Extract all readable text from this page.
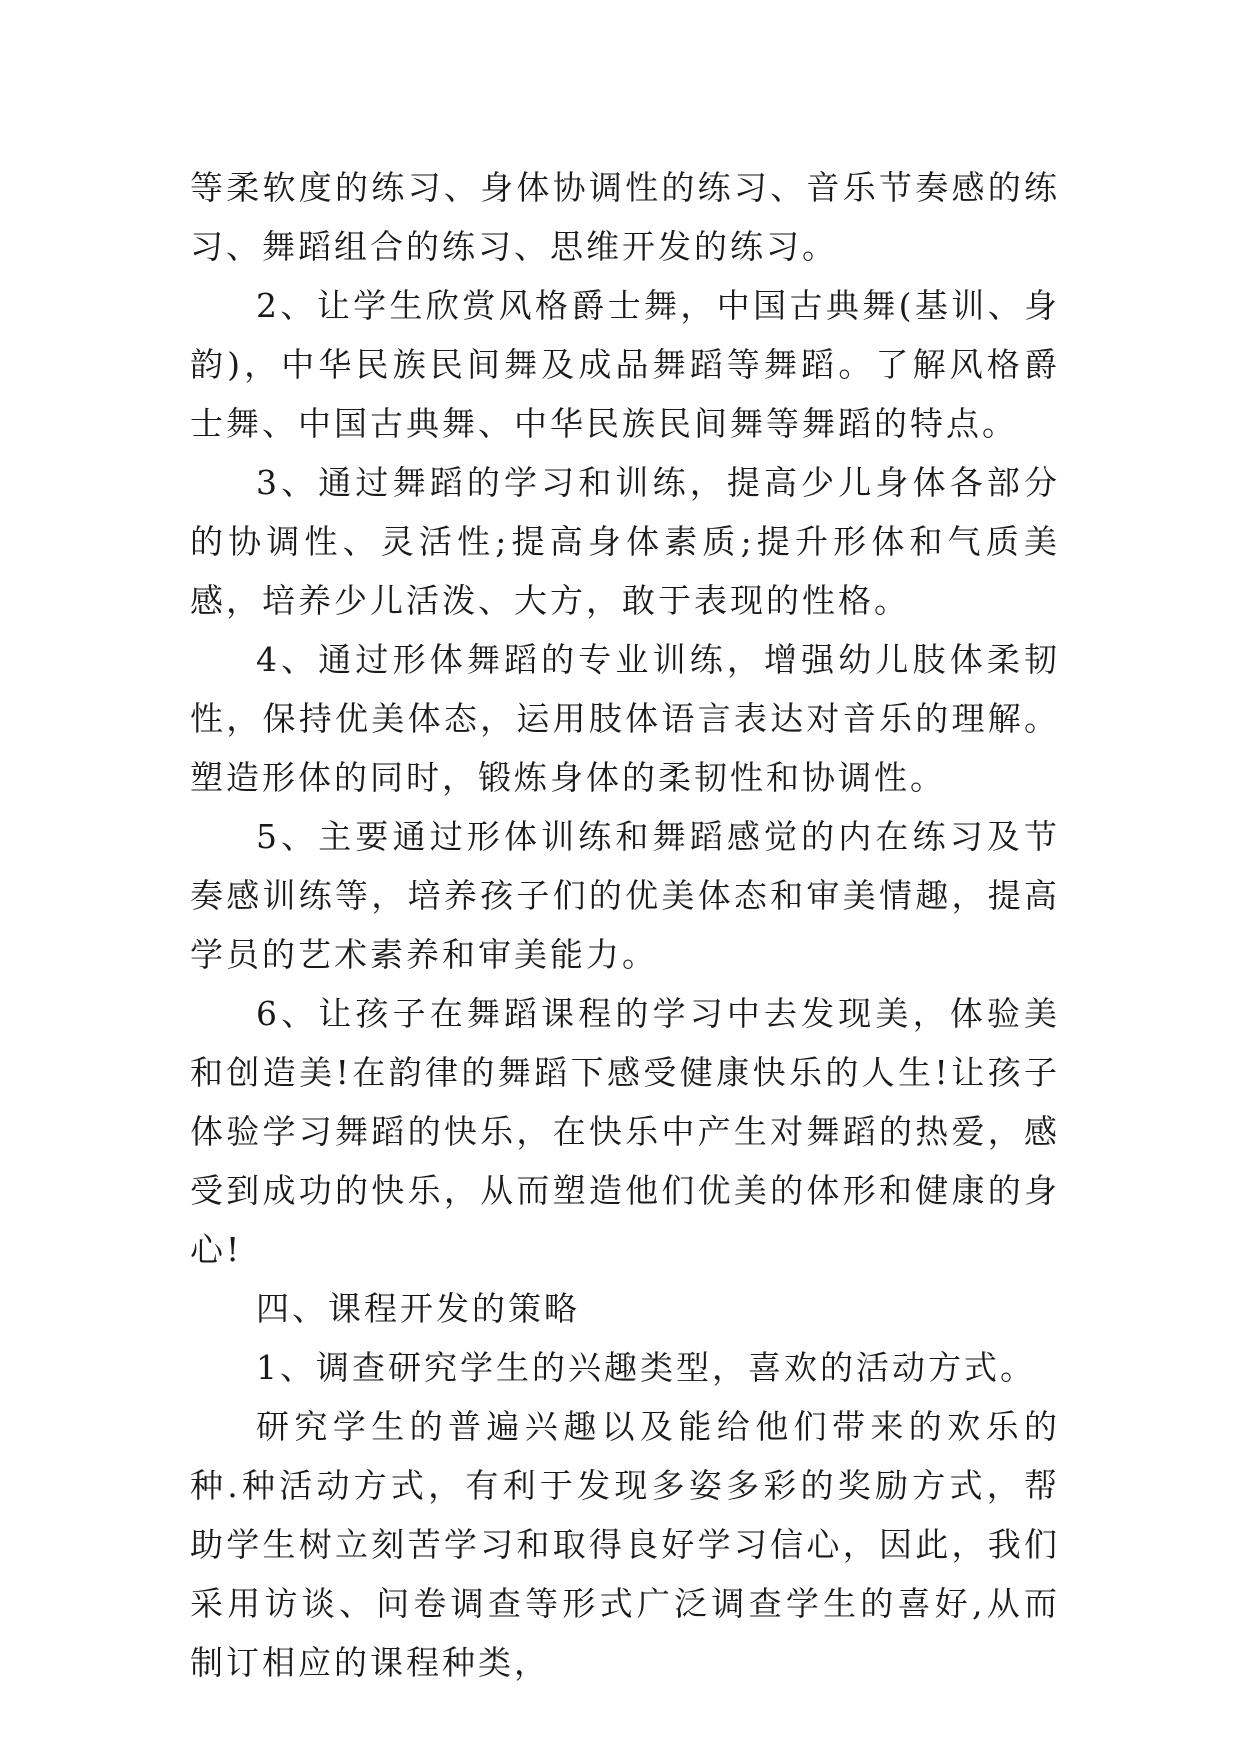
等柔软度的练习、身体协调性的练习、音乐节奏感的练习、舞蹈组合的练习、思维开发的练习。

2、让学生欣赏风格爵士舞，中国古典舞(基训、身韵)，中华民族民间舞及成品舞蹈等舞蹈。了解风格爵士舞、中国古典舞、中华民族民间舞等舞蹈的特点。

3、通过舞蹈的学习和训练，提高少儿身体各部分的协调性、灵活性;提高身体素质;提升形体和气质美感，培养少儿活泼、大方，敢于表现的性格。

4、通过形体舞蹈的专业训练，增强幼儿肢体柔韧性，保持优美体态，运用肢体语言表达对音乐的理解。塑造形体的同时，锻炼身体的柔韧性和协调性。

5、主要通过形体训练和舞蹈感觉的内在练习及节奏感训练等，培养孩子们的优美体态和审美情趣，提高学员的艺术素养和审美能力。

6、让孩子在舞蹈课程的学习中去发现美，体验美和创造美!在韵律的舞蹈下感受健康快乐的人生!让孩子体验学习舞蹈的快乐，在快乐中产生对舞蹈的热爱，感受到成功的快乐，从而塑造他们优美的体形和健康的身心!

四、课程开发的策略

1、调查研究学生的兴趣类型，喜欢的活动方式。

研究学生的普遍兴趣以及能给他们带来的欢乐的种.种活动方式，有利于发现多姿多彩的奖励方式，帮助学生树立刻苦学习和取得良好学习信心，因此，我们采用访谈、问卷调查等形式广泛调查学生的喜好,从而制订相应的课程种类，
